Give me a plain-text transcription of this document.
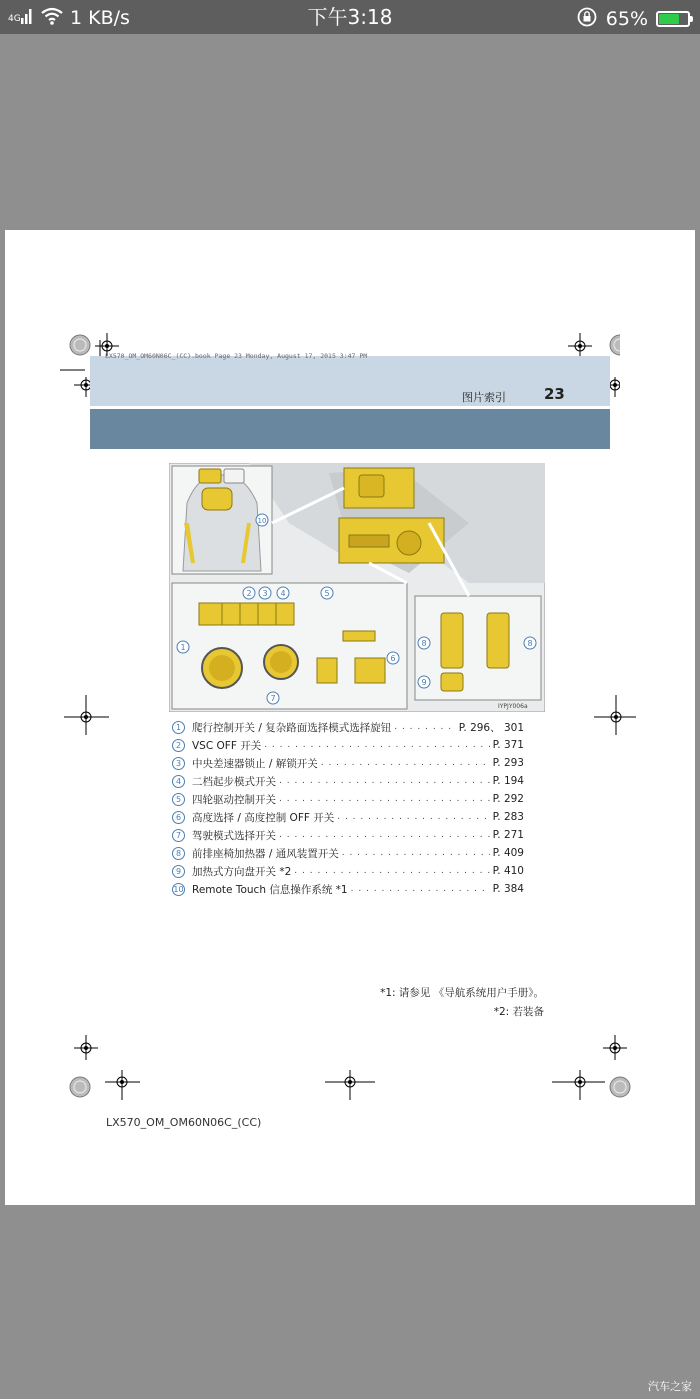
4G	1 KB/s	下午3:18	65%
LX570_OM_OM60N06C_(CC).book Page 23 Monday, August 17, 2015 3:47 PM
图片索引	23
10
1
2 3 4	5
6
7
8	8
9
IYPJY006a
1	爬行控制开关 / 复杂路面选择模式选择旋钮 . . .	P. 296、 301
2	VSC OFF 开关 . . .	P. 371
3	中央差速器锁止 / 解锁开关 . . .	P. 293
4	二档起步模式开关 . . .	P. 194
5	四轮驱动控制开关 . . .	P. 292
6	高度选择 / 高度控制 OFF 开关 . . .	P. 283
7	驾驶模式选择开关 . . .	P. 271
8	前排座椅加热器 / 通风装置开关 . . .	P. 409
9	加热式方向盘开关 *2 . . .	P. 410
10 Remote Touch 信息操作系统 *1 . . .	P. 384
*1: 请参见 《导航系统用户手册》。
*2: 若装备
LX570_OM_OM60N06C_(CC)
汽车之家
